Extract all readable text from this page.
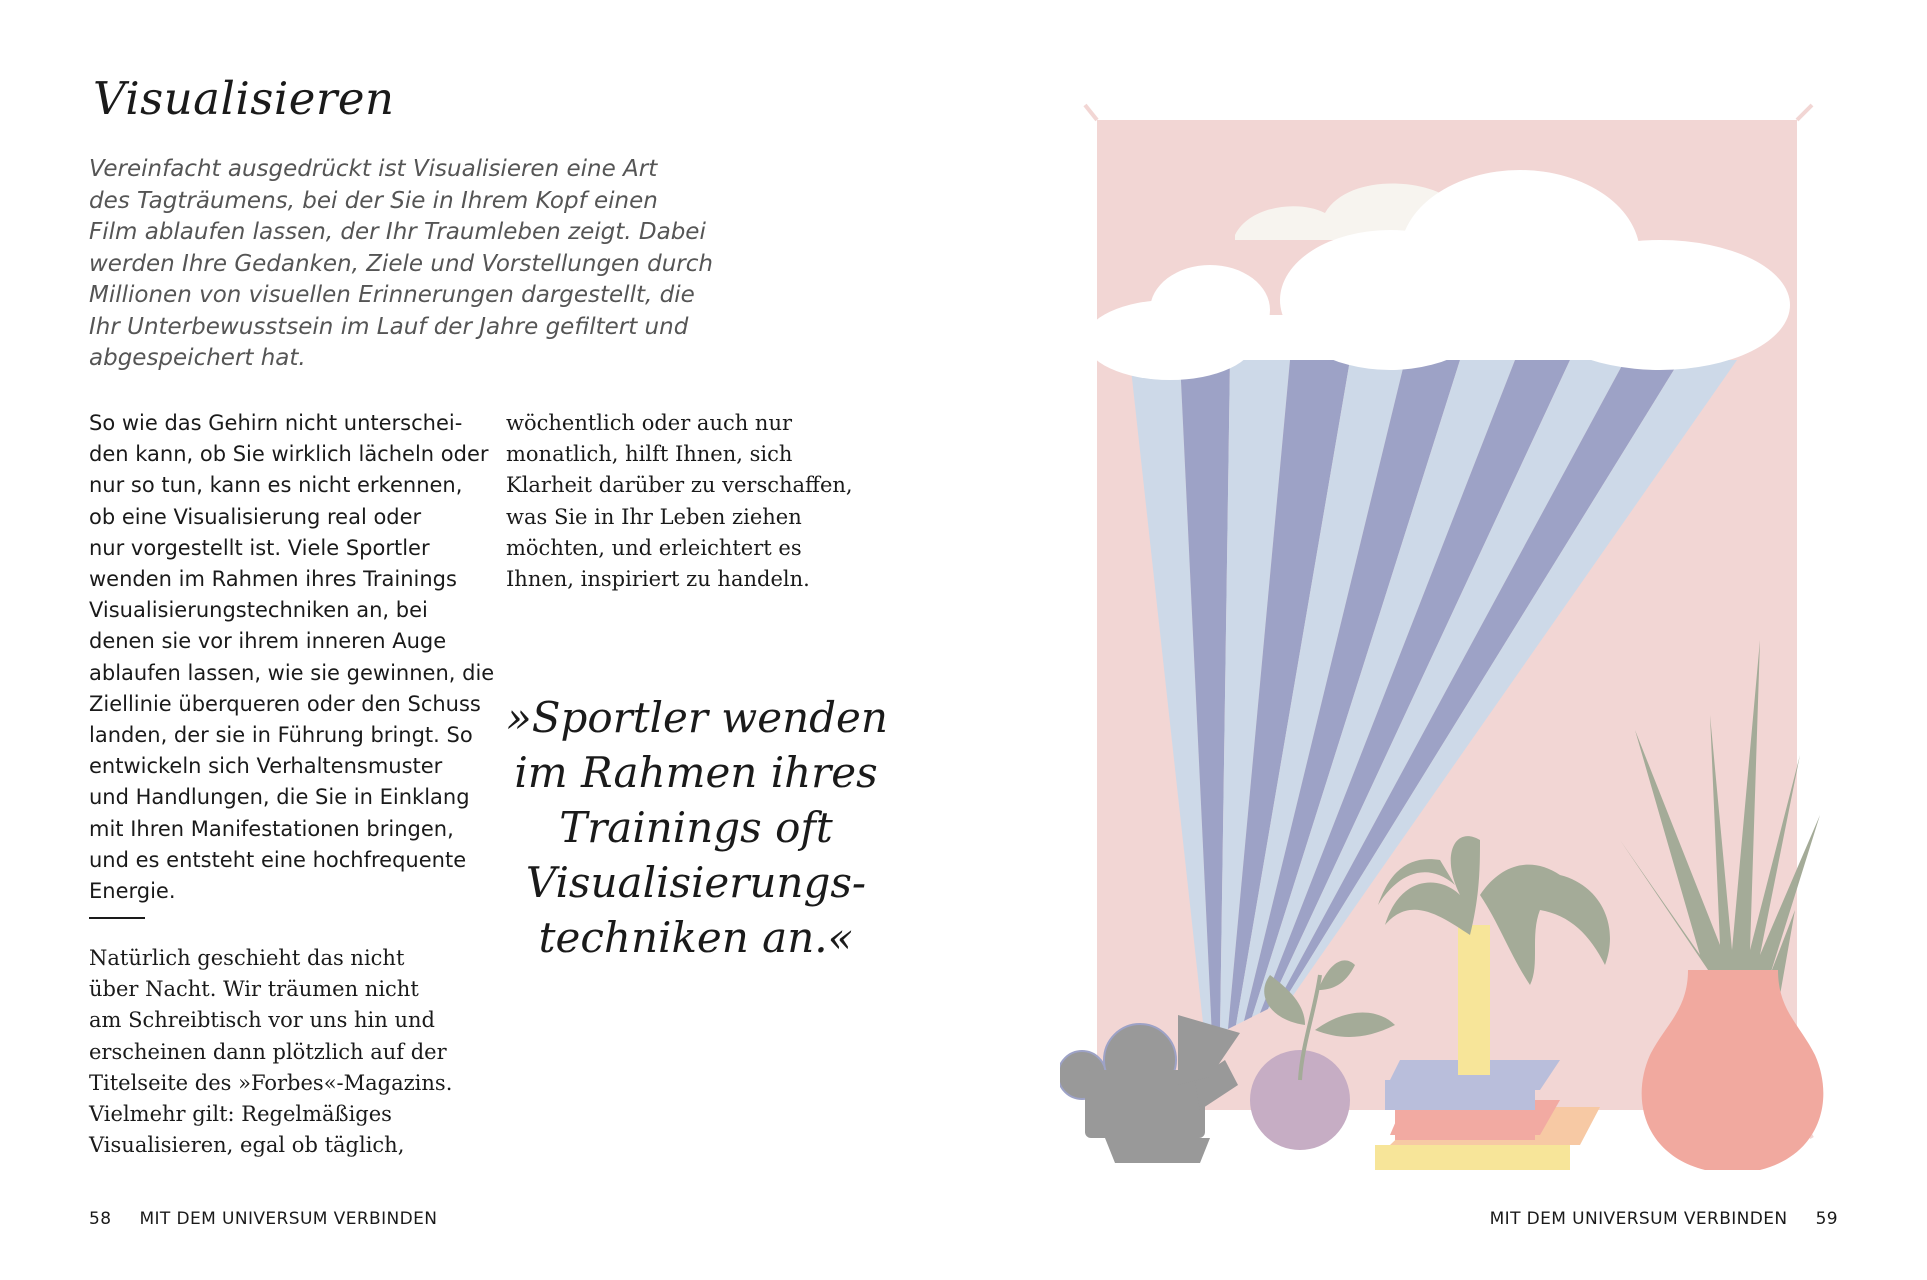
Visualisieren
Vereinfacht ausgedrückt ist Visualisieren eine Art
des Tagträumens, bei der Sie in Ihrem Kopf einen
Film ablaufen lassen, der Ihr Traumleben zeigt. Dabei
werden Ihre Gedanken, Ziele und Vorstellungen durch
Millionen von visuellen Erinnerungen dargestellt, die
Ihr Unterbewusstsein im Lauf der Jahre gefiltert und
abgespeichert hat.
So wie das Gehirn nicht unterschei-
den kann, ob Sie wirklich lächeln oder
nur so tun, kann es nicht erkennen,
ob eine Visualisierung real oder
nur vorgestellt ist. Viele Sportler
wenden im Rahmen ihres Trainings
Visualisierungstechniken an, bei
denen sie vor ihrem inneren Auge
ablaufen lassen, wie sie gewinnen, die
Ziellinie überqueren oder den Schuss
landen, der sie in Führung bringt. So
entwickeln sich Verhaltensmuster
und Handlungen, die Sie in Einklang
mit Ihren Manifestationen bringen,
und es entsteht eine hochfrequente
Energie.
Natürlich geschieht das nicht
über Nacht. Wir träumen nicht
am Schreibtisch vor uns hin und
erscheinen dann plötzlich auf der
Titelseite des »Forbes«-Magazins.
Vielmehr gilt: Regelmäßiges
Visualisieren, egal ob täglich,
wöchentlich oder auch nur
monatlich, hilft Ihnen, sich
Klarheit darüber zu verschaffen,
was Sie in Ihr Leben ziehen
möchten, und erleichtert es
Ihnen, inspiriert zu handeln.
»Sportler wenden
im Rahmen ihres
Trainings oft
Visualisierungs-
techniken an.«
58 MIT DEM UNIVERSUM VERBINDEN	MIT DEM UNIVERSUM VERBINDEN 59
